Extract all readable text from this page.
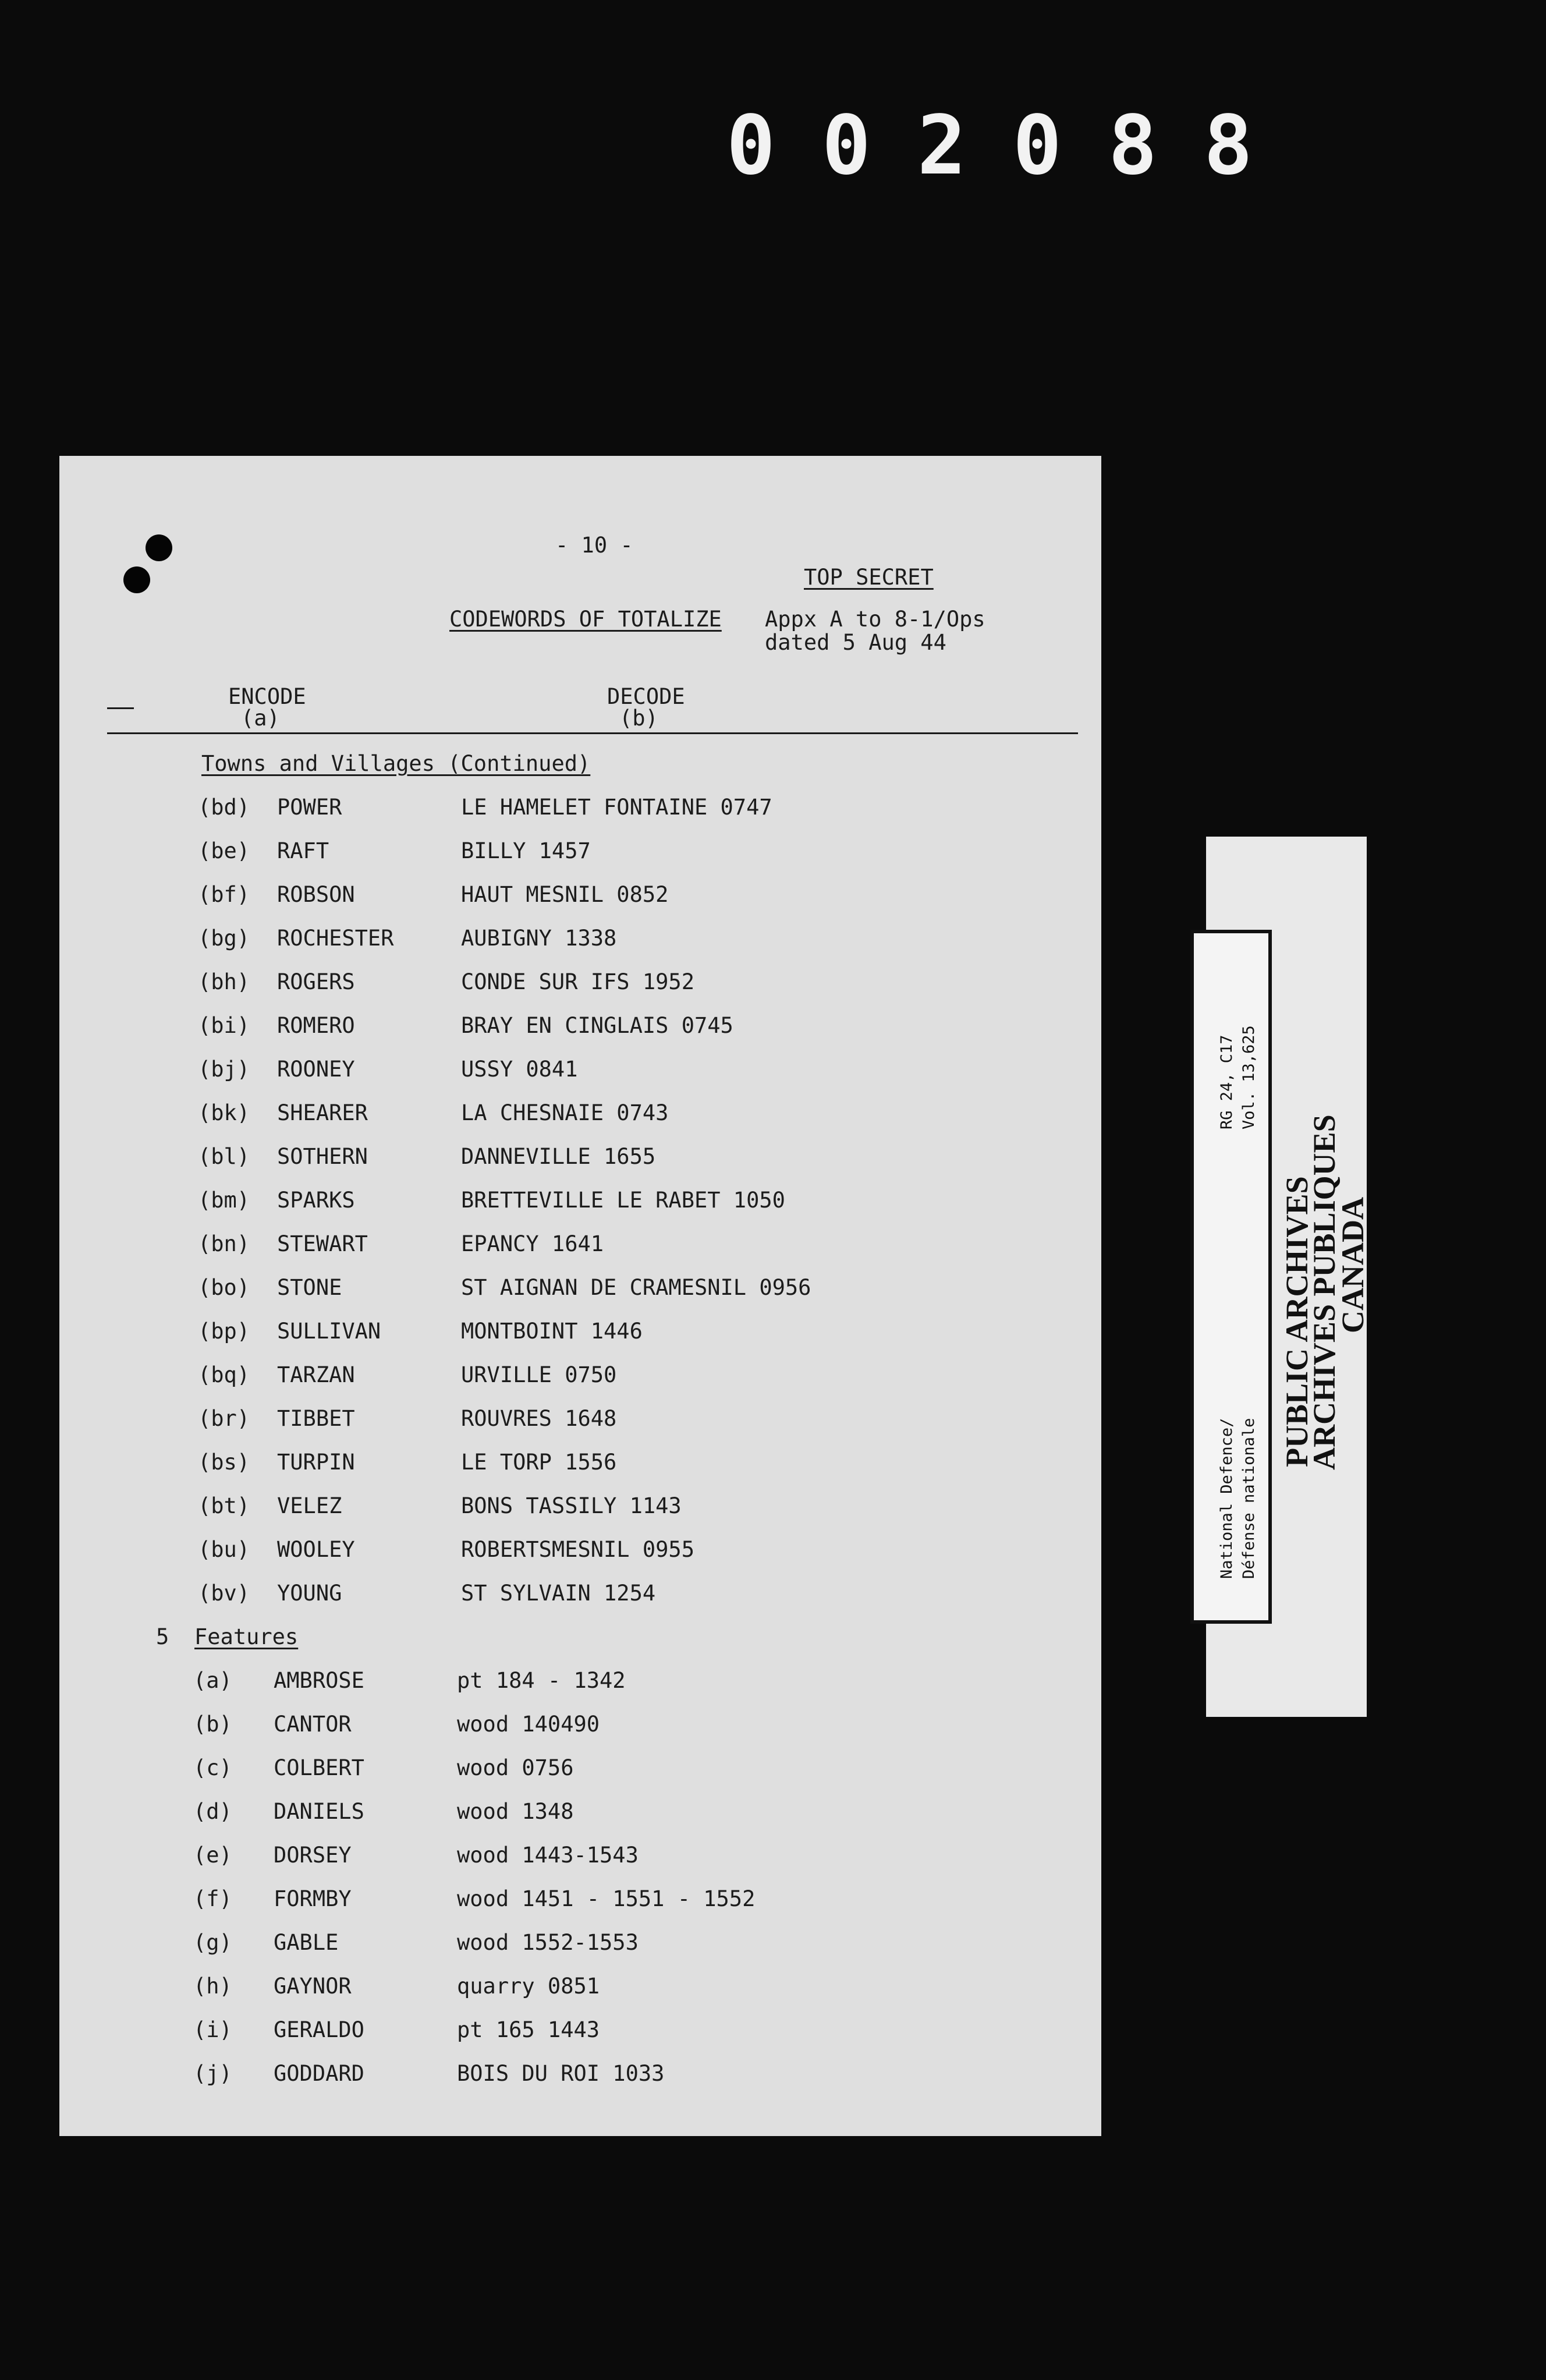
0 0 2 0 8 8
- 10 -
TOP SECRET
CODEWORDS OF TOTALIZE Appx A to 8-1/Ops
dated 5 Aug 44
ENCODE
(a)
DECODE
(b)
Towns and Villages (Continued)
(bd) POWER	LE HAMELET FONTAINE 0747
(be) RAFT	BILLY 1457
(bf) ROBSON	HAUT MESNIL 0852
(bg) ROCHESTER	AUBIGNY 1338
(bh) ROGERS	CONDE SUR IFS 1952
(bi) ROMERO	BRAY EN CINGLAIS 0745
(bj) ROONEY	USSY 0841
(bk) SHEARER	LA CHESNAIE 0743
(bl) SOTHERN	DANNEVILLE 1655
(bm) SPARKS	BRETTEVILLE LE RABET 1050
(bn) STEWART	EPANCY 1641
(bo) STONE	ST AIGNAN DE CRAMESNIL 0956
(bp) SULLIVAN	MONTBOINT 1446
(bq) TARZAN	URVILLE 0750
(br) TIBBET	ROUVRES 1648
(bs) TURPIN	LE TORP 1556
(bt) VELEZ	BONS TASSILY 1143
(bu) WOOLEY	ROBERTSMESNIL 0955
(bv) YOUNG	ST SYLVAIN 1254
5 Features
(a) AMBROSE	pt 184 - 1342
(b) CANTOR	wood 140490
(c) COLBERT	wood 0756
(d) DANIELS	wood 1348
(e) DORSEY	wood 1443-1543
(f) FORMBY	wood 1451 - 1551 - 1552
(g) GABLE	wood 1552-1553
(h) GAYNOR	quarry 0851
(i) GERALDO	pt 165 1443
(j) GODDARD	BOIS DU ROI 1033
RG 24, C17 Vol. 13,625
National Defence/ Défense nationale
PUBLIC ARCHIVES
ARCHIVES PUBLIQUES
CANADA
